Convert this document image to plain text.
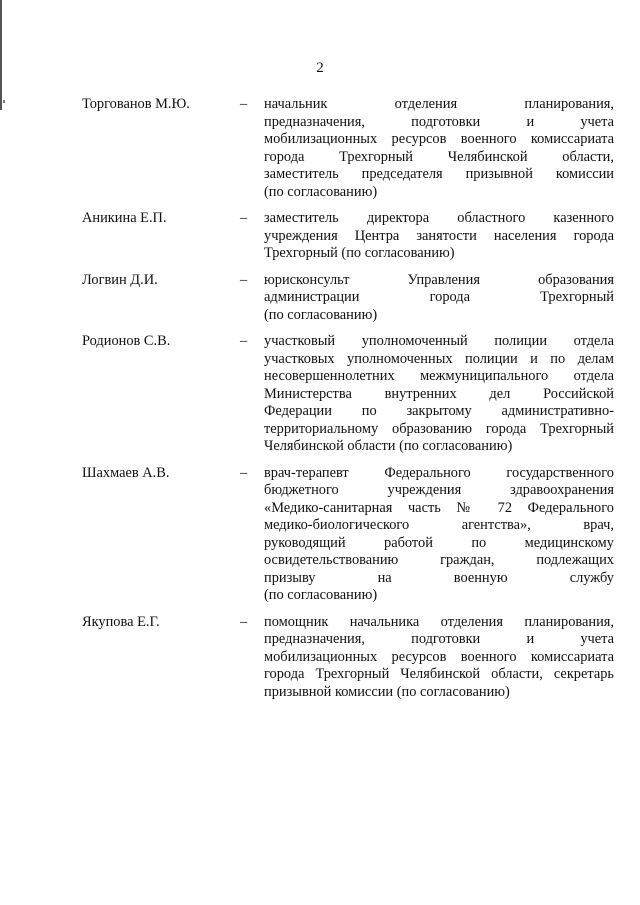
2
Торгованов М.Ю.	–	начальник отделения планирования,
предназначения, подготовки и учета
мобилизационных ресурсов военного комиссариата
города Трехгорный Челябинской области,
заместитель председателя призывной комиссии
(по согласованию)
Аникина Е.П.	–	заместитель директора областного казенного
учреждения Центра занятости населения города
Трехгорный (по согласованию)
Логвин Д.И.	–	юрисконсульт Управления образования
администрации города Трехгорный
(по согласованию)
Родионов С.В.	–	участковый уполномоченный полиции отдела
участковых уполномоченных полиции и по делам
несовершеннолетних межмуниципального отдела
Министерства внутренних дел Российской
Федерации по закрытому административно-
территориальному образованию города Трехгорный
Челябинской области (по согласованию)
Шахмаев А.В.	–	врач-терапевт Федерального государственного
бюджетного учреждения здравоохранения
«Медико-санитарная часть № 72 Федерального
медико-биологического агентства», врач,
руководящий работой по медицинскому
освидетельствованию граждан, подлежащих
призыву на военную службу
(по согласованию)
Якупова Е.Г.	–	помощник начальника отделения планирования,
предназначения, подготовки и учета
мобилизационных ресурсов военного комиссариата
города Трехгорный Челябинской области, секретарь
призывной комиссии (по согласованию)
